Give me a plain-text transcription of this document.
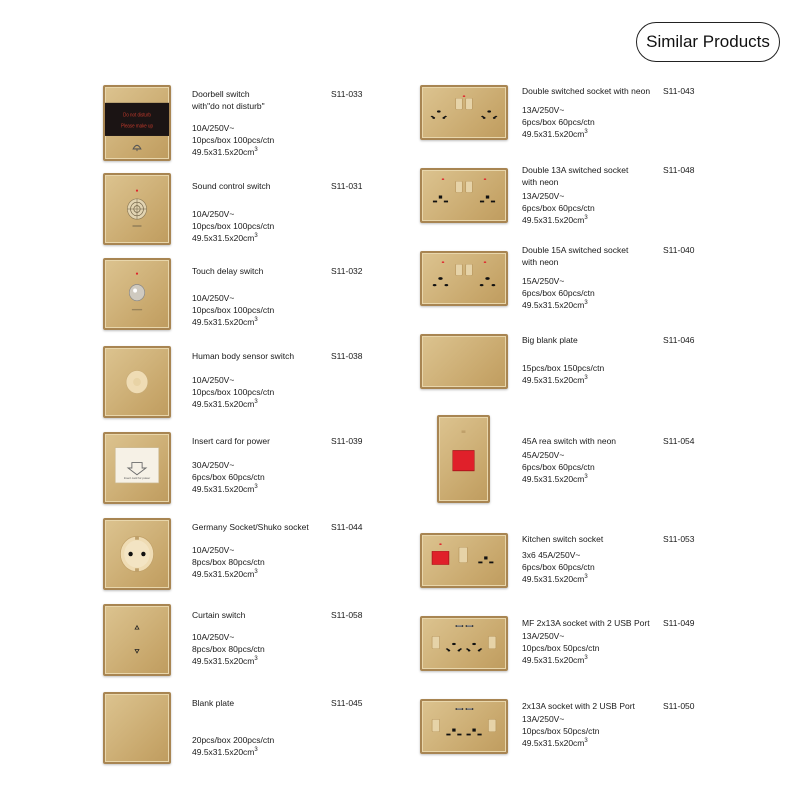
Similar Products
Do not disturb
Please make up
Doorbell switch
with"do not disturb"
S11-033
10A/250V~
10pcs/box 100pcs/ctn
$49.5x31.5x20cm^3$
Sound control switch	S11-031
10A/250V~
10pcs/box 100pcs/ctn
$49.5x31.5x20cm^3$
Touch delay switch	S11-032
10A/250V~
10pcs/box 100pcs/ctn
$49.5x31.5x20cm^3$
Human body sensor switch	S11-038
10A/250V~
10pcs/box 100pcs/ctn
$49.5x31.5x20cm^3$
Insert card for power
Insert card for power	S11-039
30A/250V~
6pcs/box 60pcs/ctn
$49.5x31.5x20cm^3$
Germany Socket/Shuko socket	S11-044
10A/250V~
8pcs/box 80pcs/ctn
$49.5x31.5x20cm^3$
Curtain switch	S11-058
10A/250V~
8pcs/box 80pcs/ctn
$49.5x31.5x20cm^3$
Blank plate	S11-045
20pcs/box 200pcs/ctn
$49.5x31.5x20cm^3$
Double switched socket with neon S11-043
13A/250V~
6pcs/box 60pcs/ctn
$49.5x31.5x20cm^3$
Double 13A switched socket
with neon
S11-048
13A/250V~
6pcs/box 60pcs/ctn
$49.5x31.5x20cm^3$
Double 15A switched socket
with neon
S11-040
15A/250V~
6pcs/box 60pcs/ctn
$49.5x31.5x20cm^3$
Big blank plate	S11-046
15pcs/box 150pcs/ctn
$49.5x31.5x20cm^3$
45A rea switch with neon	S11-054
45A/250V~
6pcs/box 60pcs/ctn
$49.5x31.5x20cm^3$
Kitchen switch socket	S11-053
3x6 45A/250V~
6pcs/box 60pcs/ctn
$49.5x31.5x20cm^3$
MF 2x13A socket with 2 USB Port S11-049
13A/250V~
10pcs/box 50pcs/ctn
$49.5x31.5x20cm^3$
2x13A socket with 2 USB Port	S11-050
13A/250V~
10pcs/box 50pcs/ctn
$49.5x31.5x20cm^3$
